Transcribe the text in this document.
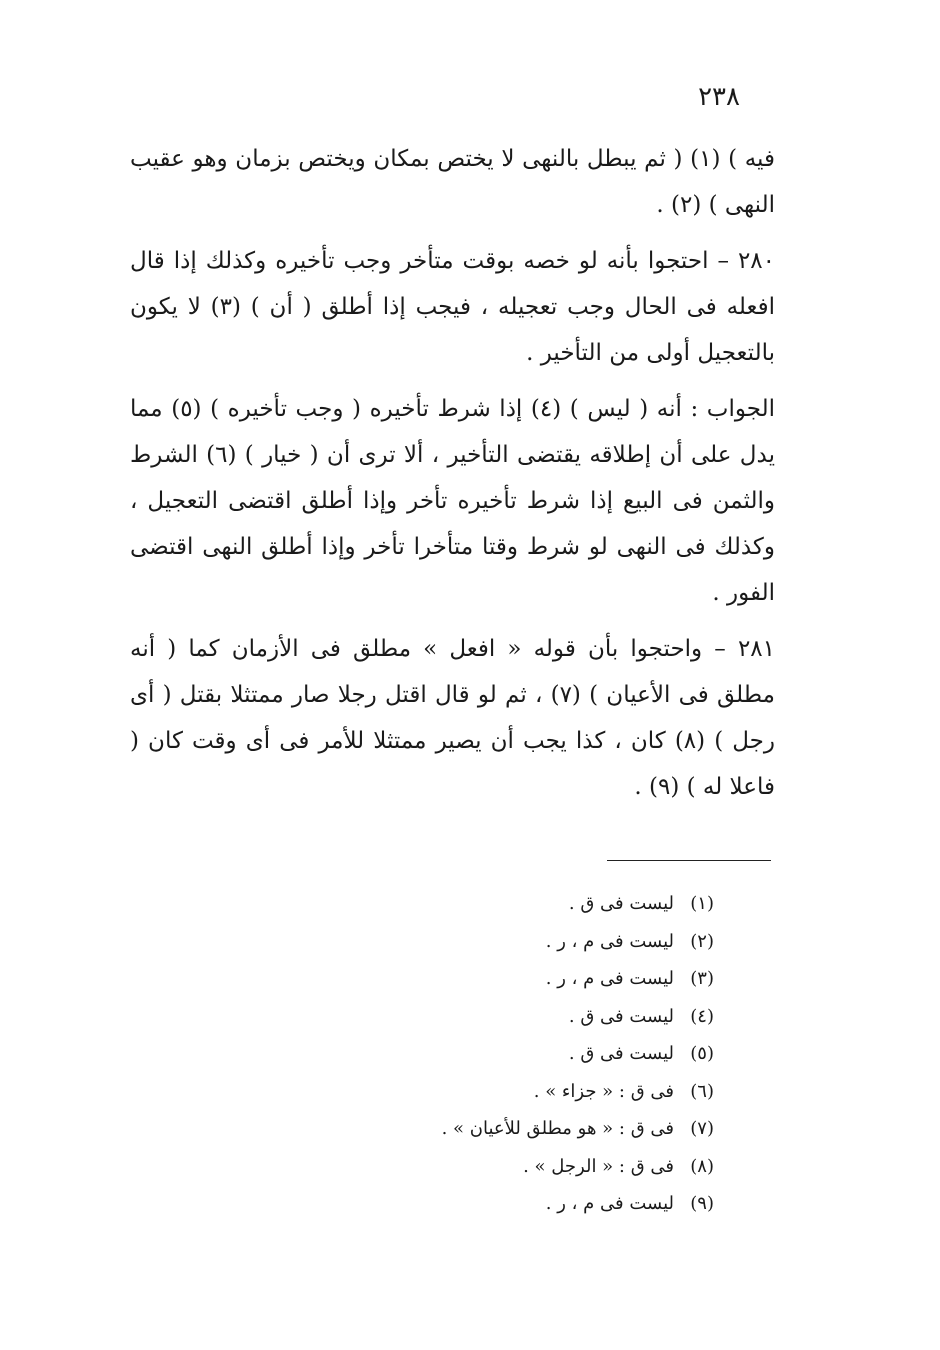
٢٣٨

فيه ) (١) ( ثم يبطل بالنهى لا يختص بمكان ويختص بزمان وهو عقيب النهى ) (٢) .

٢٨٠ – احتجوا بأنه لو خصه بوقت متأخر وجب تأخيره وكذلك إذا قال افعله فى الحال وجب تعجيله ، فيجب إذا أطلق ( أن ) (٣) لا يكون بالتعجيل أولى من التأخير .

الجواب : أنه ( ليس ) (٤) إذا شرط تأخيره ( وجب تأخيره ) (٥) مما يدل على أن إطلاقه يقتضى التأخير ، ألا ترى أن ( خيار ) (٦) الشرط والثمن فى البيع إذا شرط تأخيره تأخر وإذا أطلق اقتضى التعجيل ، وكذلك فى النهى لو شرط وقتا متأخرا تأخر وإذا أطلق النهى اقتضى الفور .

٢٨١ – واحتجوا بأن قوله « افعل » مطلق فى الأزمان كما ( أنه مطلق فى الأعيان ) (٧) ، ثم لو قال اقتل رجلا صار ممتثلا بقتل ( أى رجل ) (٨) كان ، كذا يجب أن يصير ممتثلا للأمر فى أى وقت كان ( فاعلا له ) (٩) .

(١)
ليست فى ق .
(٢)
ليست فى م ، ر .
(٣)
ليست فى م ، ر .
(٤)
ليست فى ق .
(٥)
ليست فى ق .
(٦)
فى ق : « جزاء » .
(٧)
فى ق : « هو مطلق للأعيان » .
(٨)
فى ق : « الرجل » .
(٩)
ليست فى م ، ر .
